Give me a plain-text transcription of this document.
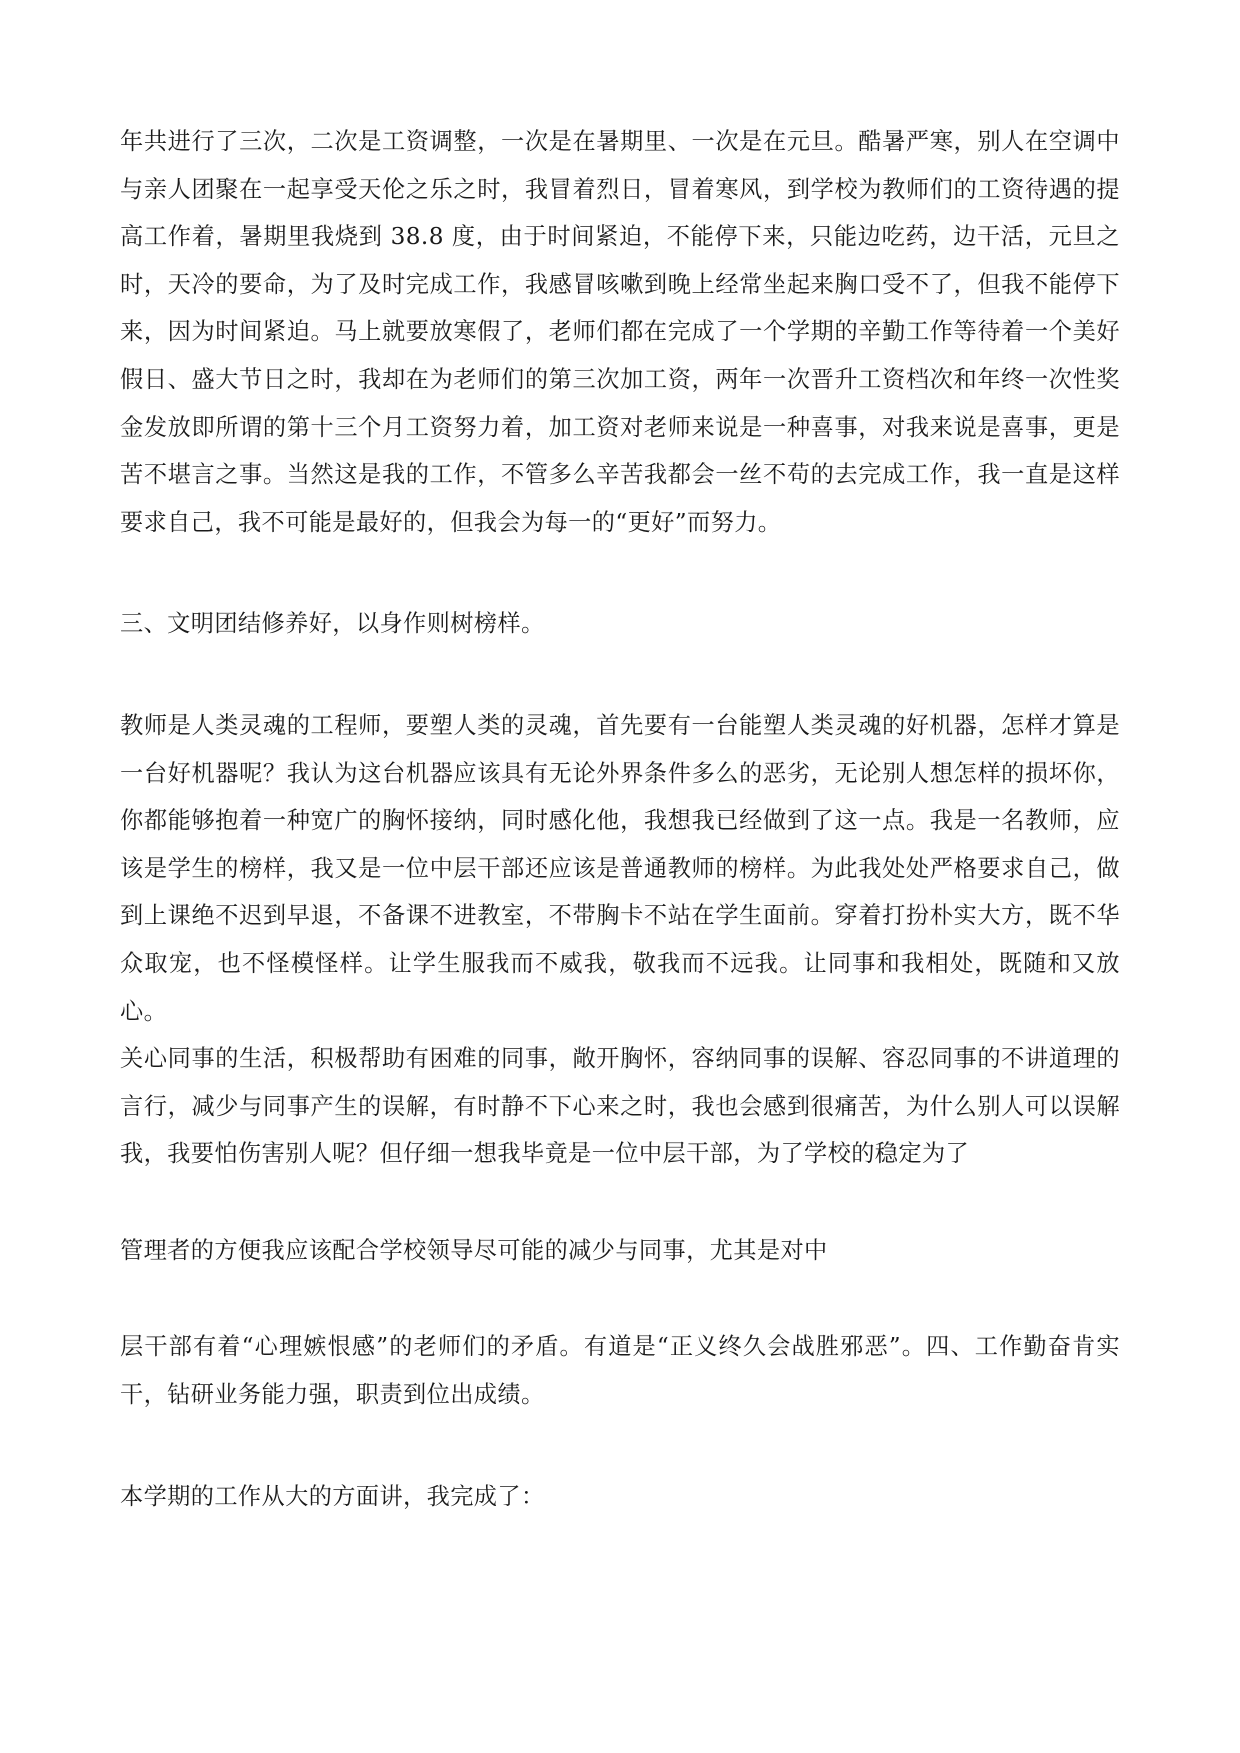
年共进行了三次，二次是工资调整，一次是在暑期里、一次是在元旦。酷暑严寒，别人在空调中与亲人团聚在一起享受天伦之乐之时，我冒着烈日，冒着寒风，到学校为教师们的工资待遇的提高工作着，暑期里我烧到 38.8 度，由于时间紧迫，不能停下来，只能边吃药，边干活，元旦之时，天冷的要命，为了及时完成工作，我感冒咳嗽到晚上经常坐起来胸口受不了，但我不能停下来，因为时间紧迫。马上就要放寒假了，老师们都在完成了一个学期的辛勤工作等待着一个美好假日、盛大节日之时，我却在为老师们的第三次加工资，两年一次晋升工资档次和年终一次性奖金发放即所谓的第十三个月工资努力着，加工资对老师来说是一种喜事，对我来说是喜事，更是苦不堪言之事。当然这是我的工作，不管多么辛苦我都会一丝不苟的去完成工作，我一直是这样要求自己，我不可能是最好的，但我会为每一的“更好”而努力。

三、文明团结修养好，以身作则树榜样。

教师是人类灵魂的工程师，要塑人类的灵魂，首先要有一台能塑人类灵魂的好机器，怎样才算是一台好机器呢？我认为这台机器应该具有无论外界条件多么的恶劣，无论别人想怎样的损坏你，你都能够抱着一种宽广的胸怀接纳，同时感化他，我想我已经做到了这一点。我是一名教师，应该是学生的榜样，我又是一位中层干部还应该是普通教师的榜样。为此我处处严格要求自己，做到上课绝不迟到早退，不备课不进教室，不带胸卡不站在学生面前。穿着打扮朴实大方，既不华众取宠，也不怪模怪样。让学生服我而不威我，敬我而不远我。让同事和我相处，既随和又放心。

关心同事的生活，积极帮助有困难的同事，敞开胸怀，容纳同事的误解、容忍同事的不讲道理的言行，减少与同事产生的误解，有时静不下心来之时，我也会感到很痛苦，为什么别人可以误解我，我要怕伤害别人呢？但仔细一想我毕竟是一位中层干部，为了学校的稳定为了

管理者的方便我应该配合学校领导尽可能的减少与同事，尤其是对中

层干部有着“心理嫉恨感”的老师们的矛盾。有道是“正义终久会战胜邪恶”。四、工作勤奋肯实干，钻研业务能力强，职责到位出成绩。

本学期的工作从大的方面讲，我完成了：
